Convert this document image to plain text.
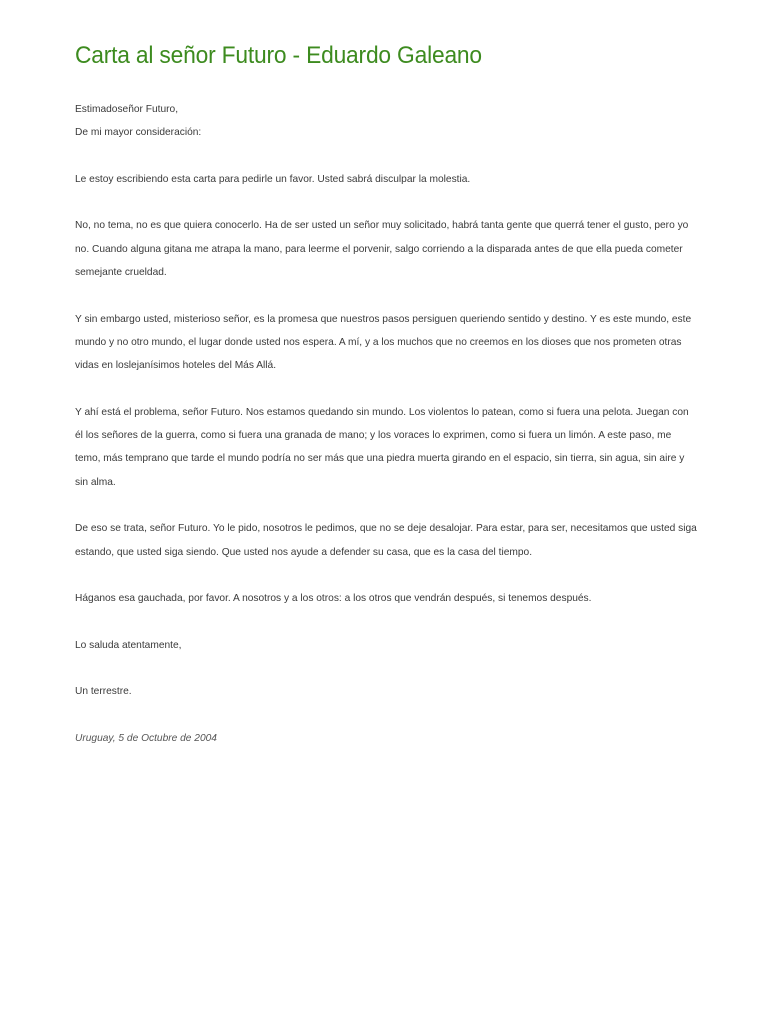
Carta al señor Futuro - Eduardo Galeano

Estimadoseñor Futuro,

De mi mayor consideración:

Le estoy escribiendo esta carta para pedirle un favor. Usted sabrá disculpar la molestia.

No, no tema, no es que quiera conocerlo. Ha de ser usted un señor muy solicitado, habrá tanta gente que querrá tener el gusto, pero yo no. Cuando alguna gitana me atrapa la mano, para leerme el porvenir, salgo corriendo a la disparada antes de que ella pueda cometer semejante crueldad.

Y sin embargo usted, misterioso señor, es la promesa que nuestros pasos persiguen queriendo sentido y destino. Y es este mundo, este mundo y no otro mundo, el lugar donde usted nos espera. A mí, y a los muchos que no creemos en los dioses que nos prometen otras vidas en loslejanísimos hoteles del Más Allá.

Y ahí está el problema, señor Futuro. Nos estamos quedando sin mundo. Los violentos lo patean, como si fuera una pelota. Juegan con él los señores de la guerra, como si fuera una granada de mano; y los voraces lo exprimen, como si fuera un limón. A este paso, me temo, más temprano que tarde el mundo podría no ser más que una piedra muerta girando en el espacio, sin tierra, sin agua, sin aire y sin alma.

De eso se trata, señor Futuro. Yo le pido, nosotros le pedimos, que no se deje desalojar. Para estar, para ser, necesitamos que usted siga estando, que usted siga siendo. Que usted nos ayude a defender su casa, que es la casa del tiempo.

Háganos esa gauchada, por favor. A nosotros y a los otros: a los otros que vendrán después, si tenemos después.

Lo saluda atentamente,

Un terrestre.

Uruguay, 5 de Octubre de 2004
